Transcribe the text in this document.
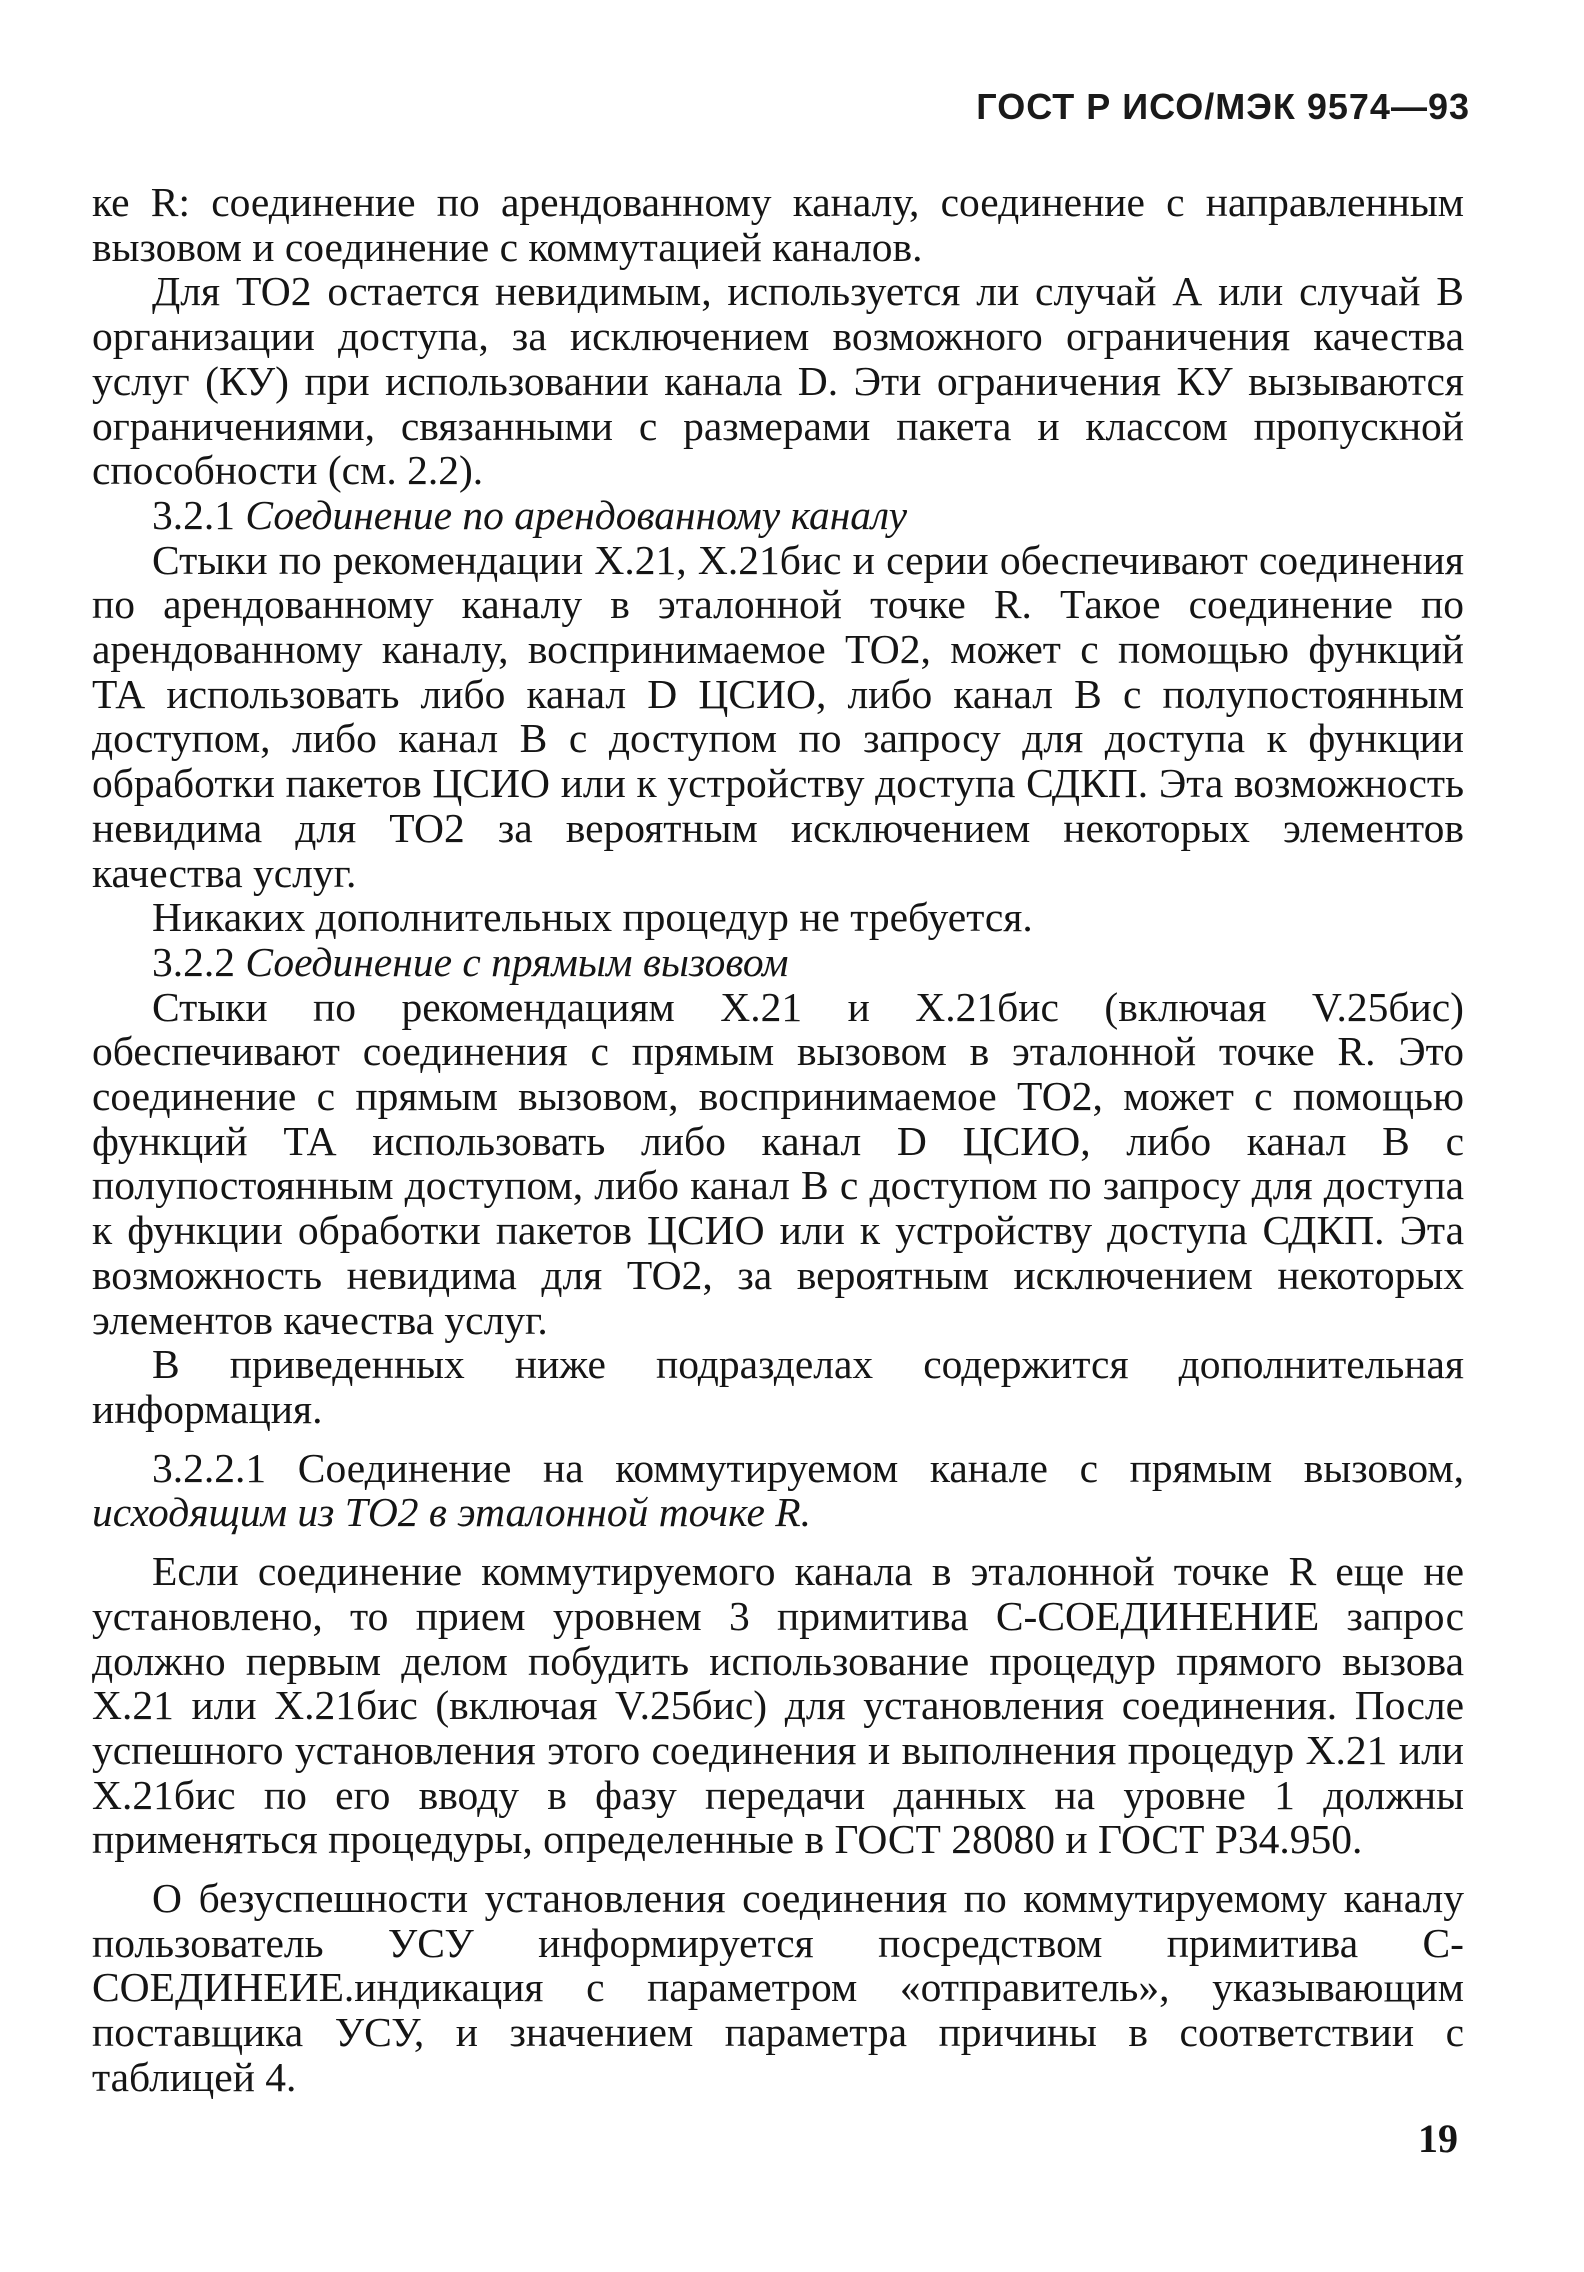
ГОСТ Р ИСО/МЭК 9574—93

ке R: соединение по арендованному каналу, соединение с направленным вызовом и соединение с коммутацией каналов.

Для ТО2 остается невидимым, используется ли случай А или случай В организации доступа, за исключением возможного ограничения качества услуг (КУ) при использовании канала D. Эти ограничения КУ вызываются ограничениями, связанными с размерами пакета и классом пропускной способности (см. 2.2).

3.2.1 Соединение по арендованному каналу

Стыки по рекомендации Х.21, Х.21бис и серии обеспечивают соединения по арендованному каналу в эталонной точке R. Такое соединение по арендованному каналу, воспринимаемое ТО2, может с помощью функций ТА использовать либо канал D ЦСИО, либо канал В с полупостоянным доступом, либо канал В с доступом по запросу для доступа к функции обработки пакетов ЦСИО или к устройству доступа СДКП. Эта возможность невидима для ТО2 за вероятным исключением некоторых элементов качества услуг.

Никаких дополнительных процедур не требуется.

3.2.2 Соединение с прямым вызовом

Стыки по рекомендациям Х.21 и Х.21бис (включая V.25бис) обеспечивают соединения с прямым вызовом в эталонной точке R. Это соединение с прямым вызовом, воспринимаемое ТО2, может с помощью функций ТА использовать либо канал D ЦСИО, либо канал В с полупостоянным доступом, либо канал В с доступом по запросу для доступа к функции обработки пакетов ЦСИО или к устройству доступа СДКП. Эта возможность невидима для ТО2, за вероятным исключением некоторых элементов качества услуг.

В приведенных ниже подразделах содержится дополнительная информация.

3.2.2.1 Соединение на коммутируемом канале с прямым вызовом, исходящим из ТО2 в эталонной точке R.

Если соединение коммутируемого канала в эталонной точке R еще не установлено, то прием уровнем 3 примитива С-СОЕДИНЕНИЕ запрос должно первым делом побудить использование процедур прямого вызова Х.21 или Х.21бис (включая V.25бис) для установления соединения. После успешного установления этого соединения и выполнения процедур Х.21 или Х.21бис по его вводу в фазу передачи данных на уровне 1 должны применяться процедуры, определенные в ГОСТ 28080 и ГОСТ Р34.950.

О безуспешности установления соединения по коммутируемому каналу пользователь УСУ информируется посредством примитива С-СОЕДИНЕИЕ.индикация с параметром «отправитель», указывающим поставщика УСУ, и значением параметра причины в соответствии с таблицей 4.

19
